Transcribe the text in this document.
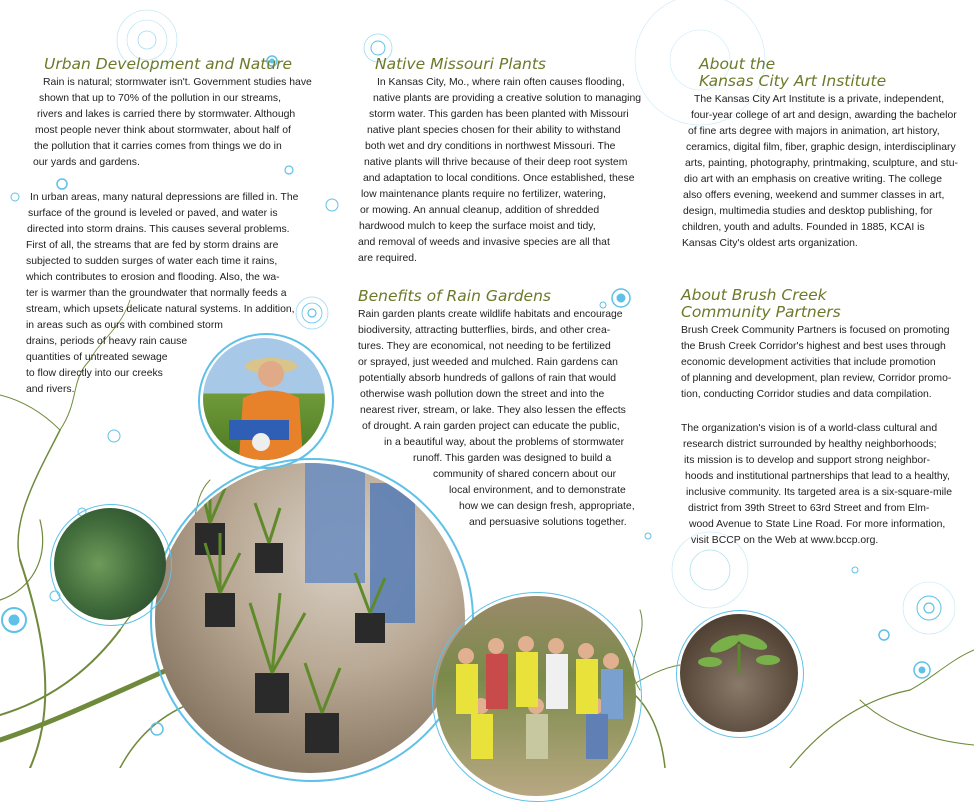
Urban Development and Nature
Rain is natural; stormwater isn't. Government studies have
shown that up to 70% of the pollution in our streams,
rivers and lakes is carried there by stormwater. Although
most people never think about stormwater, about half of
the pollution that it carries comes from things we do in
our yards and gardens.
In urban areas, many natural depressions are filled in. The
surface of the ground is leveled or paved, and water is
directed into storm drains. This causes several problems.
First of all, the streams that are fed by storm drains are
subjected to sudden surges of water each time it rains,
which contributes to erosion and flooding. Also, the wa-
ter is warmer than the groundwater that normally feeds a
stream, which upsets delicate natural systems. In addition,
in areas such as ours with combined storm
drains, periods of heavy rain cause
quantities of untreated sewage
to flow directly into our creeks
and rivers.
Native Missouri Plants
In Kansas City, Mo., where rain often causes flooding,
native plants are providing a creative solution to managing
storm water. This garden has been planted with Missouri
native plant species chosen for their ability to withstand
both wet and dry conditions in northwest Missouri. The
native plants will thrive because of their deep root system
and adaptation to local conditions. Once established, these
low maintenance plants require no fertilizer, watering,
or mowing. An annual cleanup, addition of shredded
hardwood mulch to keep the surface moist and tidy,
and removal of weeds and invasive species are all that
are required.
Benefits of Rain Gardens
Rain garden plants create wildlife habitats and encourage
biodiversity, attracting butterflies, birds, and other crea-
tures. They are economical, not needing to be fertilized
or sprayed, just weeded and mulched. Rain gardens can
potentially absorb hundreds of gallons of rain that would
otherwise wash pollution down the street and into the
nearest river, stream, or lake. They also lessen the effects
of drought. A rain garden project can educate the public,
in a beautiful way, about the problems of stormwater
runoff. This garden was designed to build a
community of shared concern about our
local environment, and to demonstrate
how we can design fresh, appropriate,
and persuasive solutions together.
About the
Kansas City Art Institute
The Kansas City Art Institute is a private, independent,
four-year college of art and design, awarding the bachelor
of fine arts degree with majors in animation, art history,
ceramics, digital film, fiber, graphic design, interdisciplinary
arts, painting, photography, printmaking, sculpture, and stu-
dio art with an emphasis on creative writing. The college
also offers evening, weekend and summer classes in art,
design, multimedia studies and desktop publishing, for
children, youth and adults. Founded in 1885, KCAI is
Kansas City's oldest arts organization.
About Brush Creek
Community Partners
Brush Creek Community Partners is focused on promoting
the Brush Creek Corridor's highest and best uses through
economic development activities that include promotion
of planning and development, plan review, Corridor promo-
tion, conducting Corridor studies and data compilation.
The organization's vision is of a world-class cultural and
research district surrounded by healthy neighborhoods;
its mission is to develop and support strong neighbor-
hoods and institutional partnerships that lead to a healthy,
inclusive community. Its targeted area is a six-square-mile
district from 39th Street to 63rd Street and from Elm-
wood Avenue to State Line Road. For more information,
visit BCCP on the Web at www.bccp.org.
